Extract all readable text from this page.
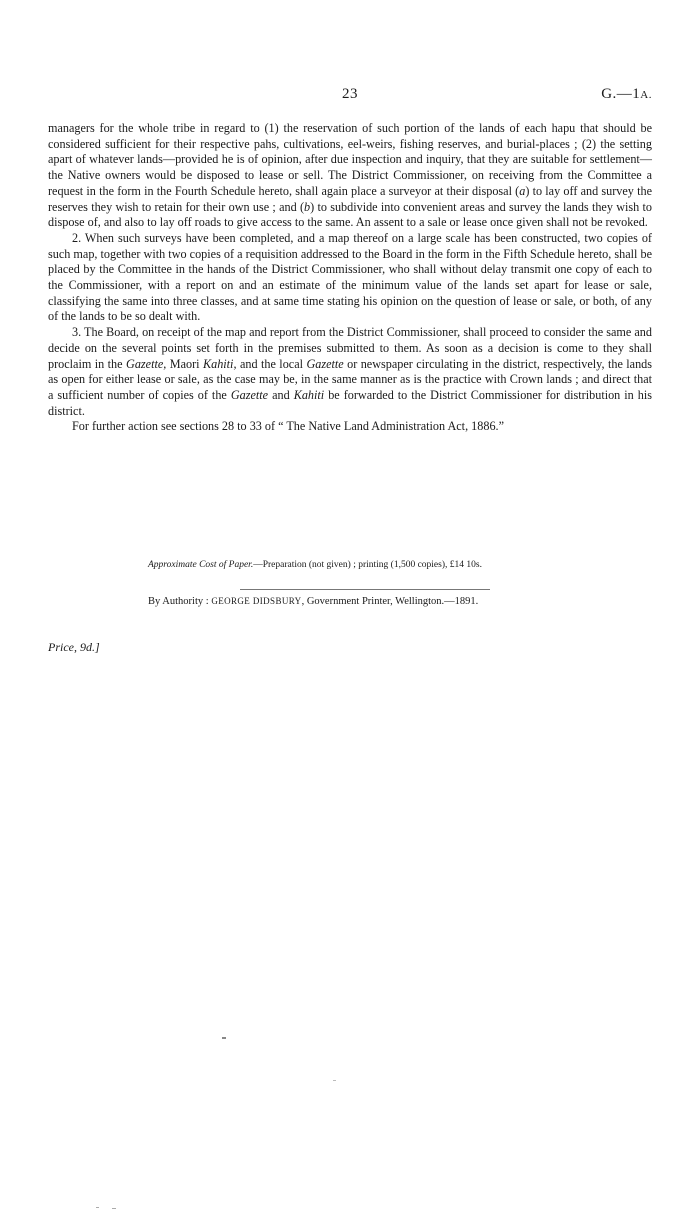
23	G.—1A.

managers for the whole tribe in regard to (1) the reservation of such portion of the lands of each hapu that should be considered sufficient for their respective pahs, cultivations, eel-weirs, fishing reserves, and burial-places ; (2) the setting apart of whatever lands—provided he is of opinion, after due inspection and inquiry, that they are suitable for settlement—the Native owners would be disposed to lease or sell. The District Commissioner, on receiving from the Committee a request in the form in the Fourth Schedule hereto, shall again place a surveyor at their disposal (a) to lay off and survey the reserves they wish to retain for their own use ; and (b) to subdivide into convenient areas and survey the lands they wish to dispose of, and also to lay off roads to give access to the same. An assent to a sale or lease once given shall not be revoked.

2. When such surveys have been completed, and a map thereof on a large scale has been constructed, two copies of such map, together with two copies of a requisition addressed to the Board in the form in the Fifth Schedule hereto, shall be placed by the Committee in the hands of the District Commissioner, who shall without delay transmit one copy of each to the Commissioner, with a report on and an estimate of the minimum value of the lands set apart for lease or sale, classifying the same into three classes, and at same time stating his opinion on the question of lease or sale, or both, of any of the lands to be so dealt with.

3. The Board, on receipt of the map and report from the District Commissioner, shall proceed to consider the same and decide on the several points set forth in the premises submitted to them. As soon as a decision is come to they shall proclaim in the Gazette, Maori Kahiti, and the local Gazette or newspaper circulating in the district, respectively, the lands as open for either lease or sale, as the case may be, in the same manner as is the practice with Crown lands ; and direct that a sufficient number of copies of the Gazette and Kahiti be forwarded to the District Commissioner for distribution in his district.

For further action see sections 28 to 33 of “ The Native Land Administration Act, 1886.”

Approximate Cost of Paper.—Preparation (not given) ; printing (1,500 copies), £14 10s.
By Authority : GEORGE DIDSBURY, Government Printer, Wellington.—1891.
Price, 9d.]
